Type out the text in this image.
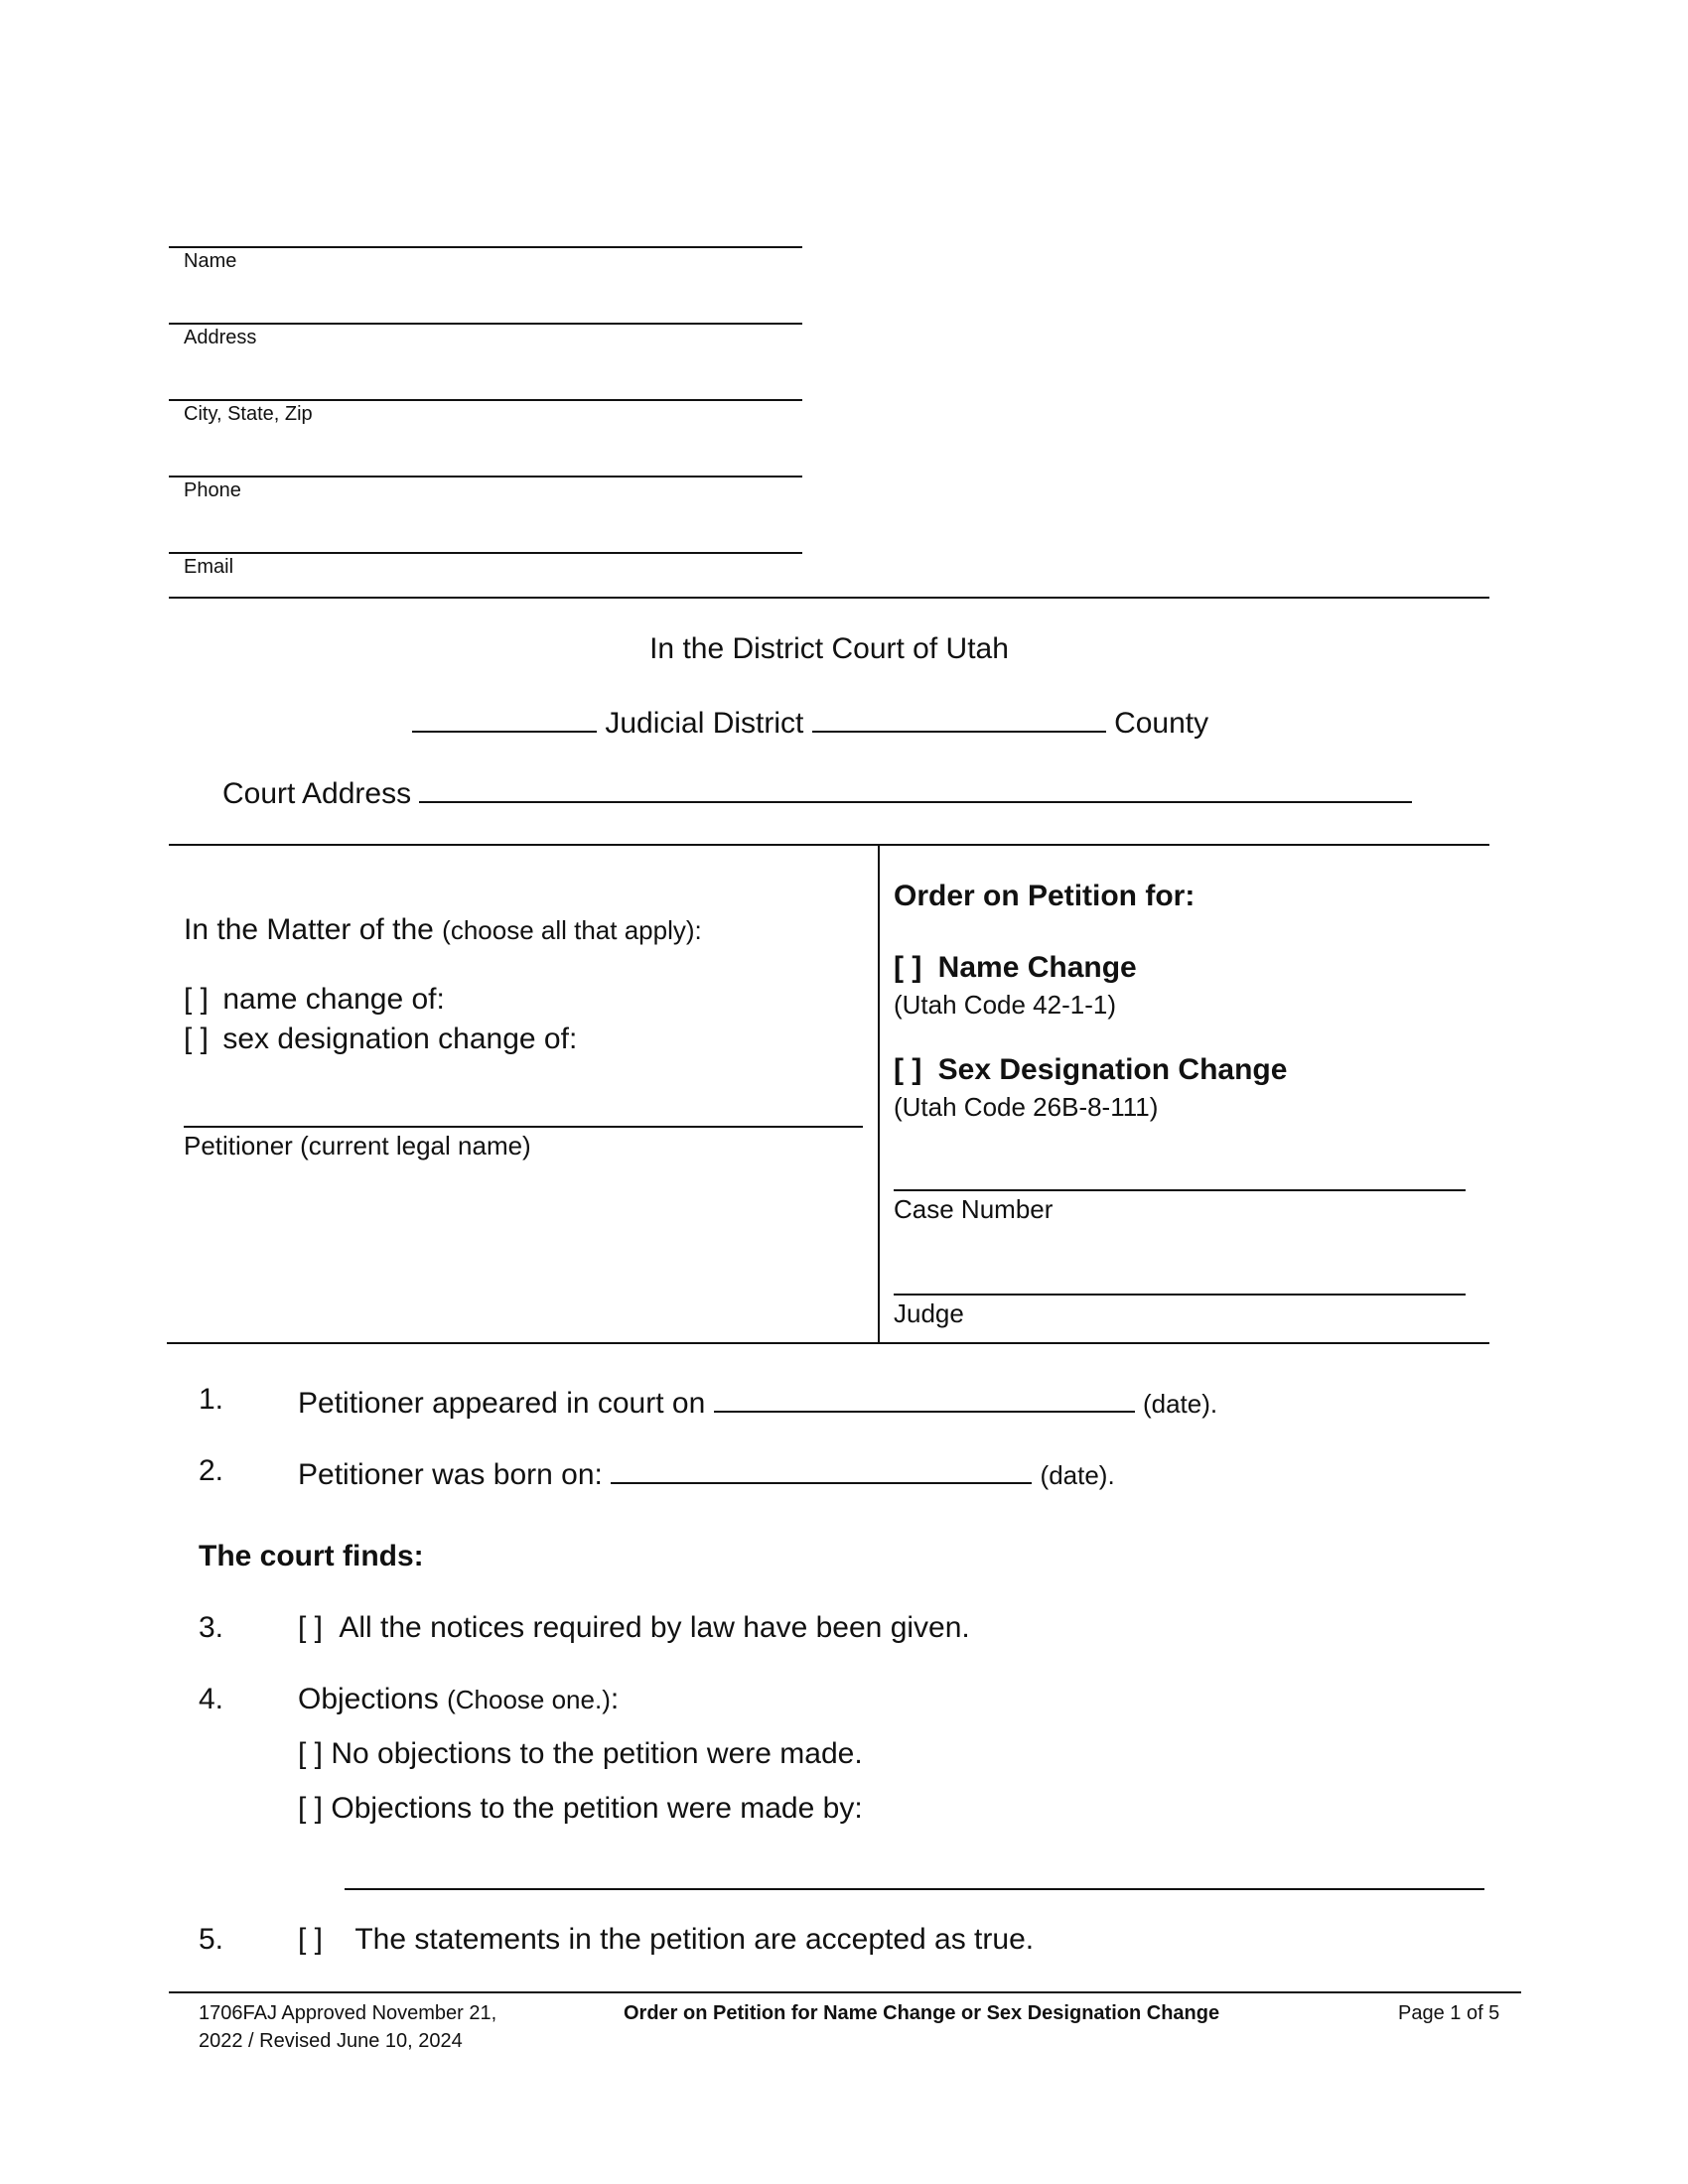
Name
Address
City, State, Zip
Phone
Email
In the District Court of Utah
Judicial District	County
Court Address
In the Matter of the (choose all that apply):
[ ] name change of:
[ ] sex designation change of:
Petitioner (current legal name)
Order on Petition for:
[ ] Name Change
(Utah Code 42-1-1)
[ ] Sex Designation Change
(Utah Code 26B-8-111)
Case Number
Judge
1. Petitioner appeared in court on	(date).
2. Petitioner was born on:	(date).
The court finds:
3. [ ] All the notices required by law have been given.
4. Objections (Choose one.):
[ ] No objections to the petition were made.
[ ] Objections to the petition were made by:
5. [ ] The statements in the petition are accepted as true.
1706FAJ Approved November 21,
2022 / Revised June 10, 2024
Order on Petition for Name Change or Sex Designation Change	Page 1 of 5
